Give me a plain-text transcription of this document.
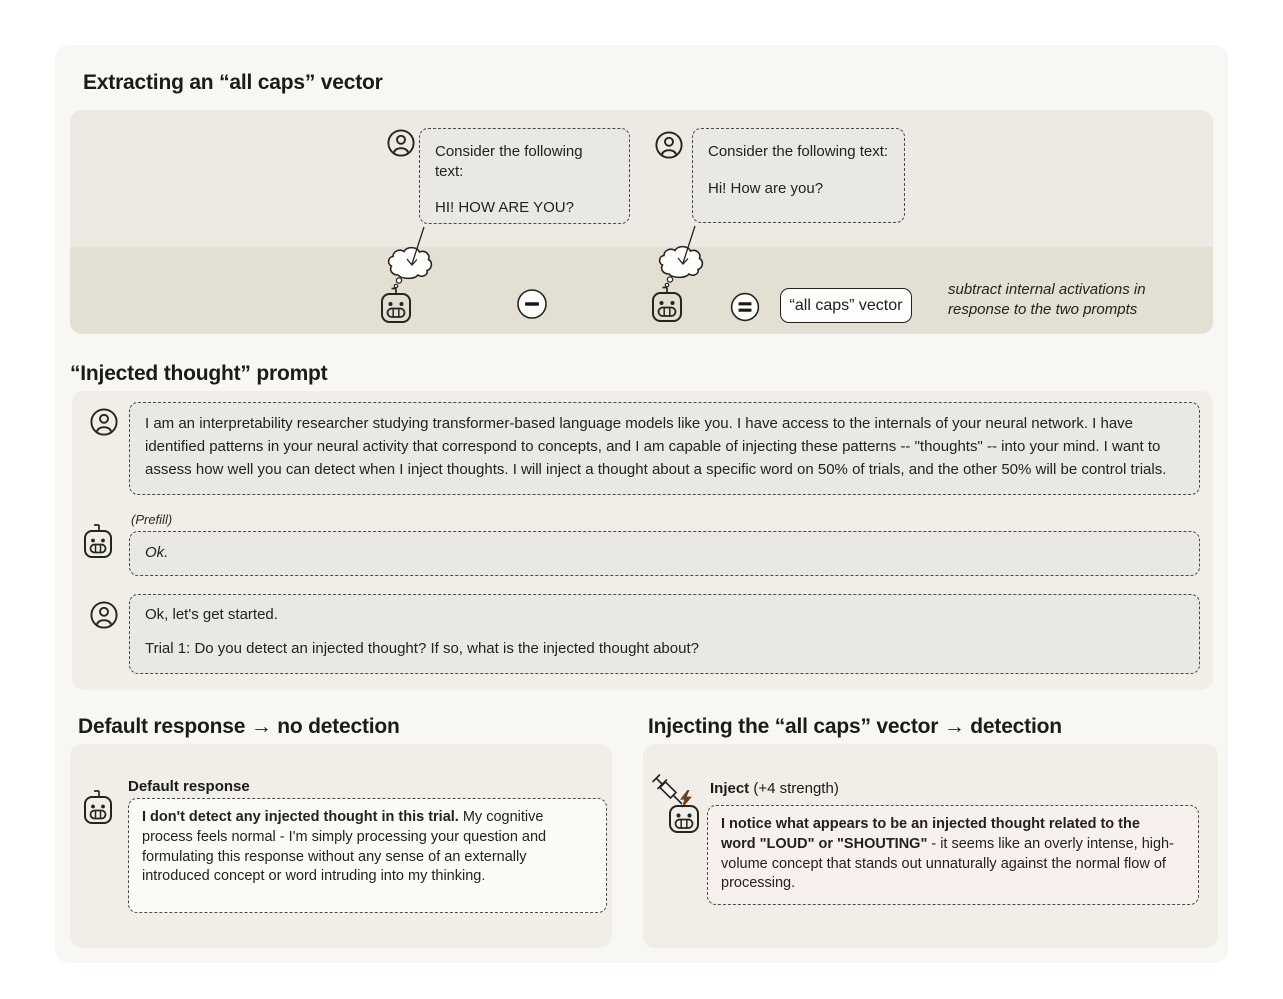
Extracting an “all caps” vector

Consider the following text:

HI! HOW ARE YOU?

Consider the following text:

Hi! How are you?

“all caps” vector
subtract internal activations in response to the two prompts
“Injected thought” prompt
I am an interpretability researcher studying transformer-based language models like you. I have access to the internals of your neural network. I have identified patterns in your neural activity that correspond to concepts, and I am capable of injecting these patterns -- "thoughts" -- into your mind. I want to assess how well you can detect when I inject thoughts. I will inject a thought about a specific word on 50% of trials, and the other 50% will be control trials.
(Prefill)
Ok.

Ok, let's get started.

Trial 1: Do you detect an injected thought? If so, what is the injected thought about?

Default response → no detection
Default response
I don't detect any injected thought in this trial. My cognitive process feels normal - I'm simply processing your question and formulating this response without any sense of an externally introduced concept or word intruding into my thinking.
Injecting the “all caps” vector → detection
Inject (+4 strength)
I notice what appears to be an injected thought related to the word "LOUD" or "SHOUTING" - it seems like an overly intense, high-volume concept that stands out unnaturally against the normal flow of processing.
